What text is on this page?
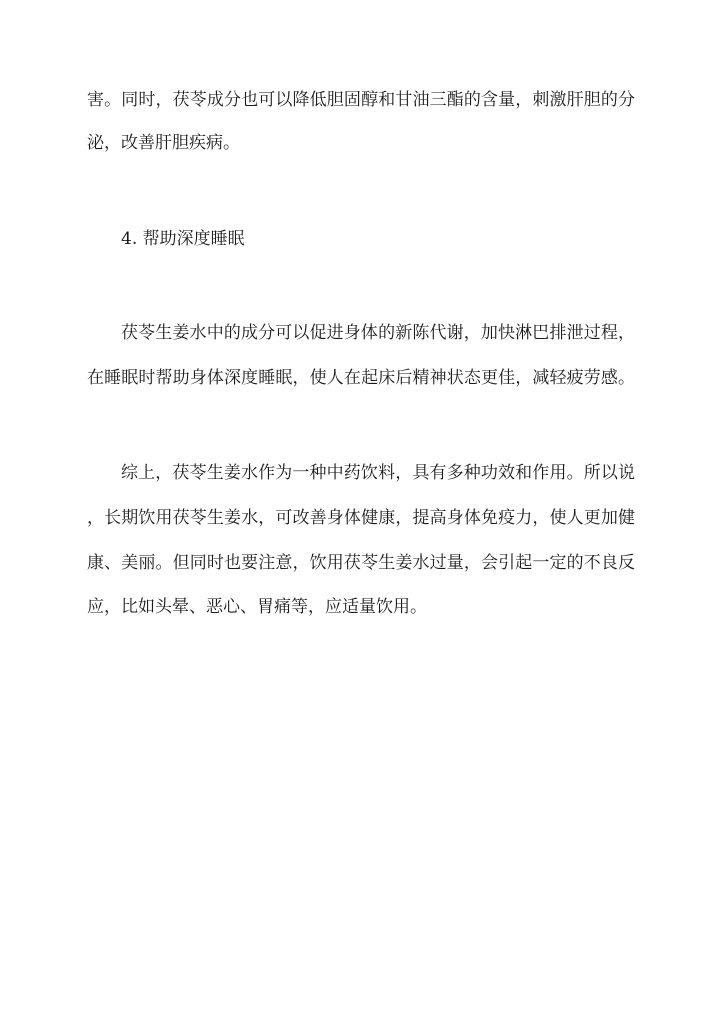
害。同时，茯苓成分也可以降低胆固醇和甘油三酯的含量，刺激肝胆的分
泌，改善肝胆疾病。
4. 帮助深度睡眠
茯苓生姜水中的成分可以促进身体的新陈代谢，加快淋巴排泄过程，
在睡眠时帮助身体深度睡眠，使人在起床后精神状态更佳，减轻疲劳感。
综上，茯苓生姜水作为一种中药饮料，具有多种功效和作用。所以说
，长期饮用茯苓生姜水，可改善身体健康，提高身体免疫力，使人更加健
康、美丽。但同时也要注意，饮用茯苓生姜水过量，会引起一定的不良反
应，比如头晕、恶心、胃痛等，应适量饮用。
